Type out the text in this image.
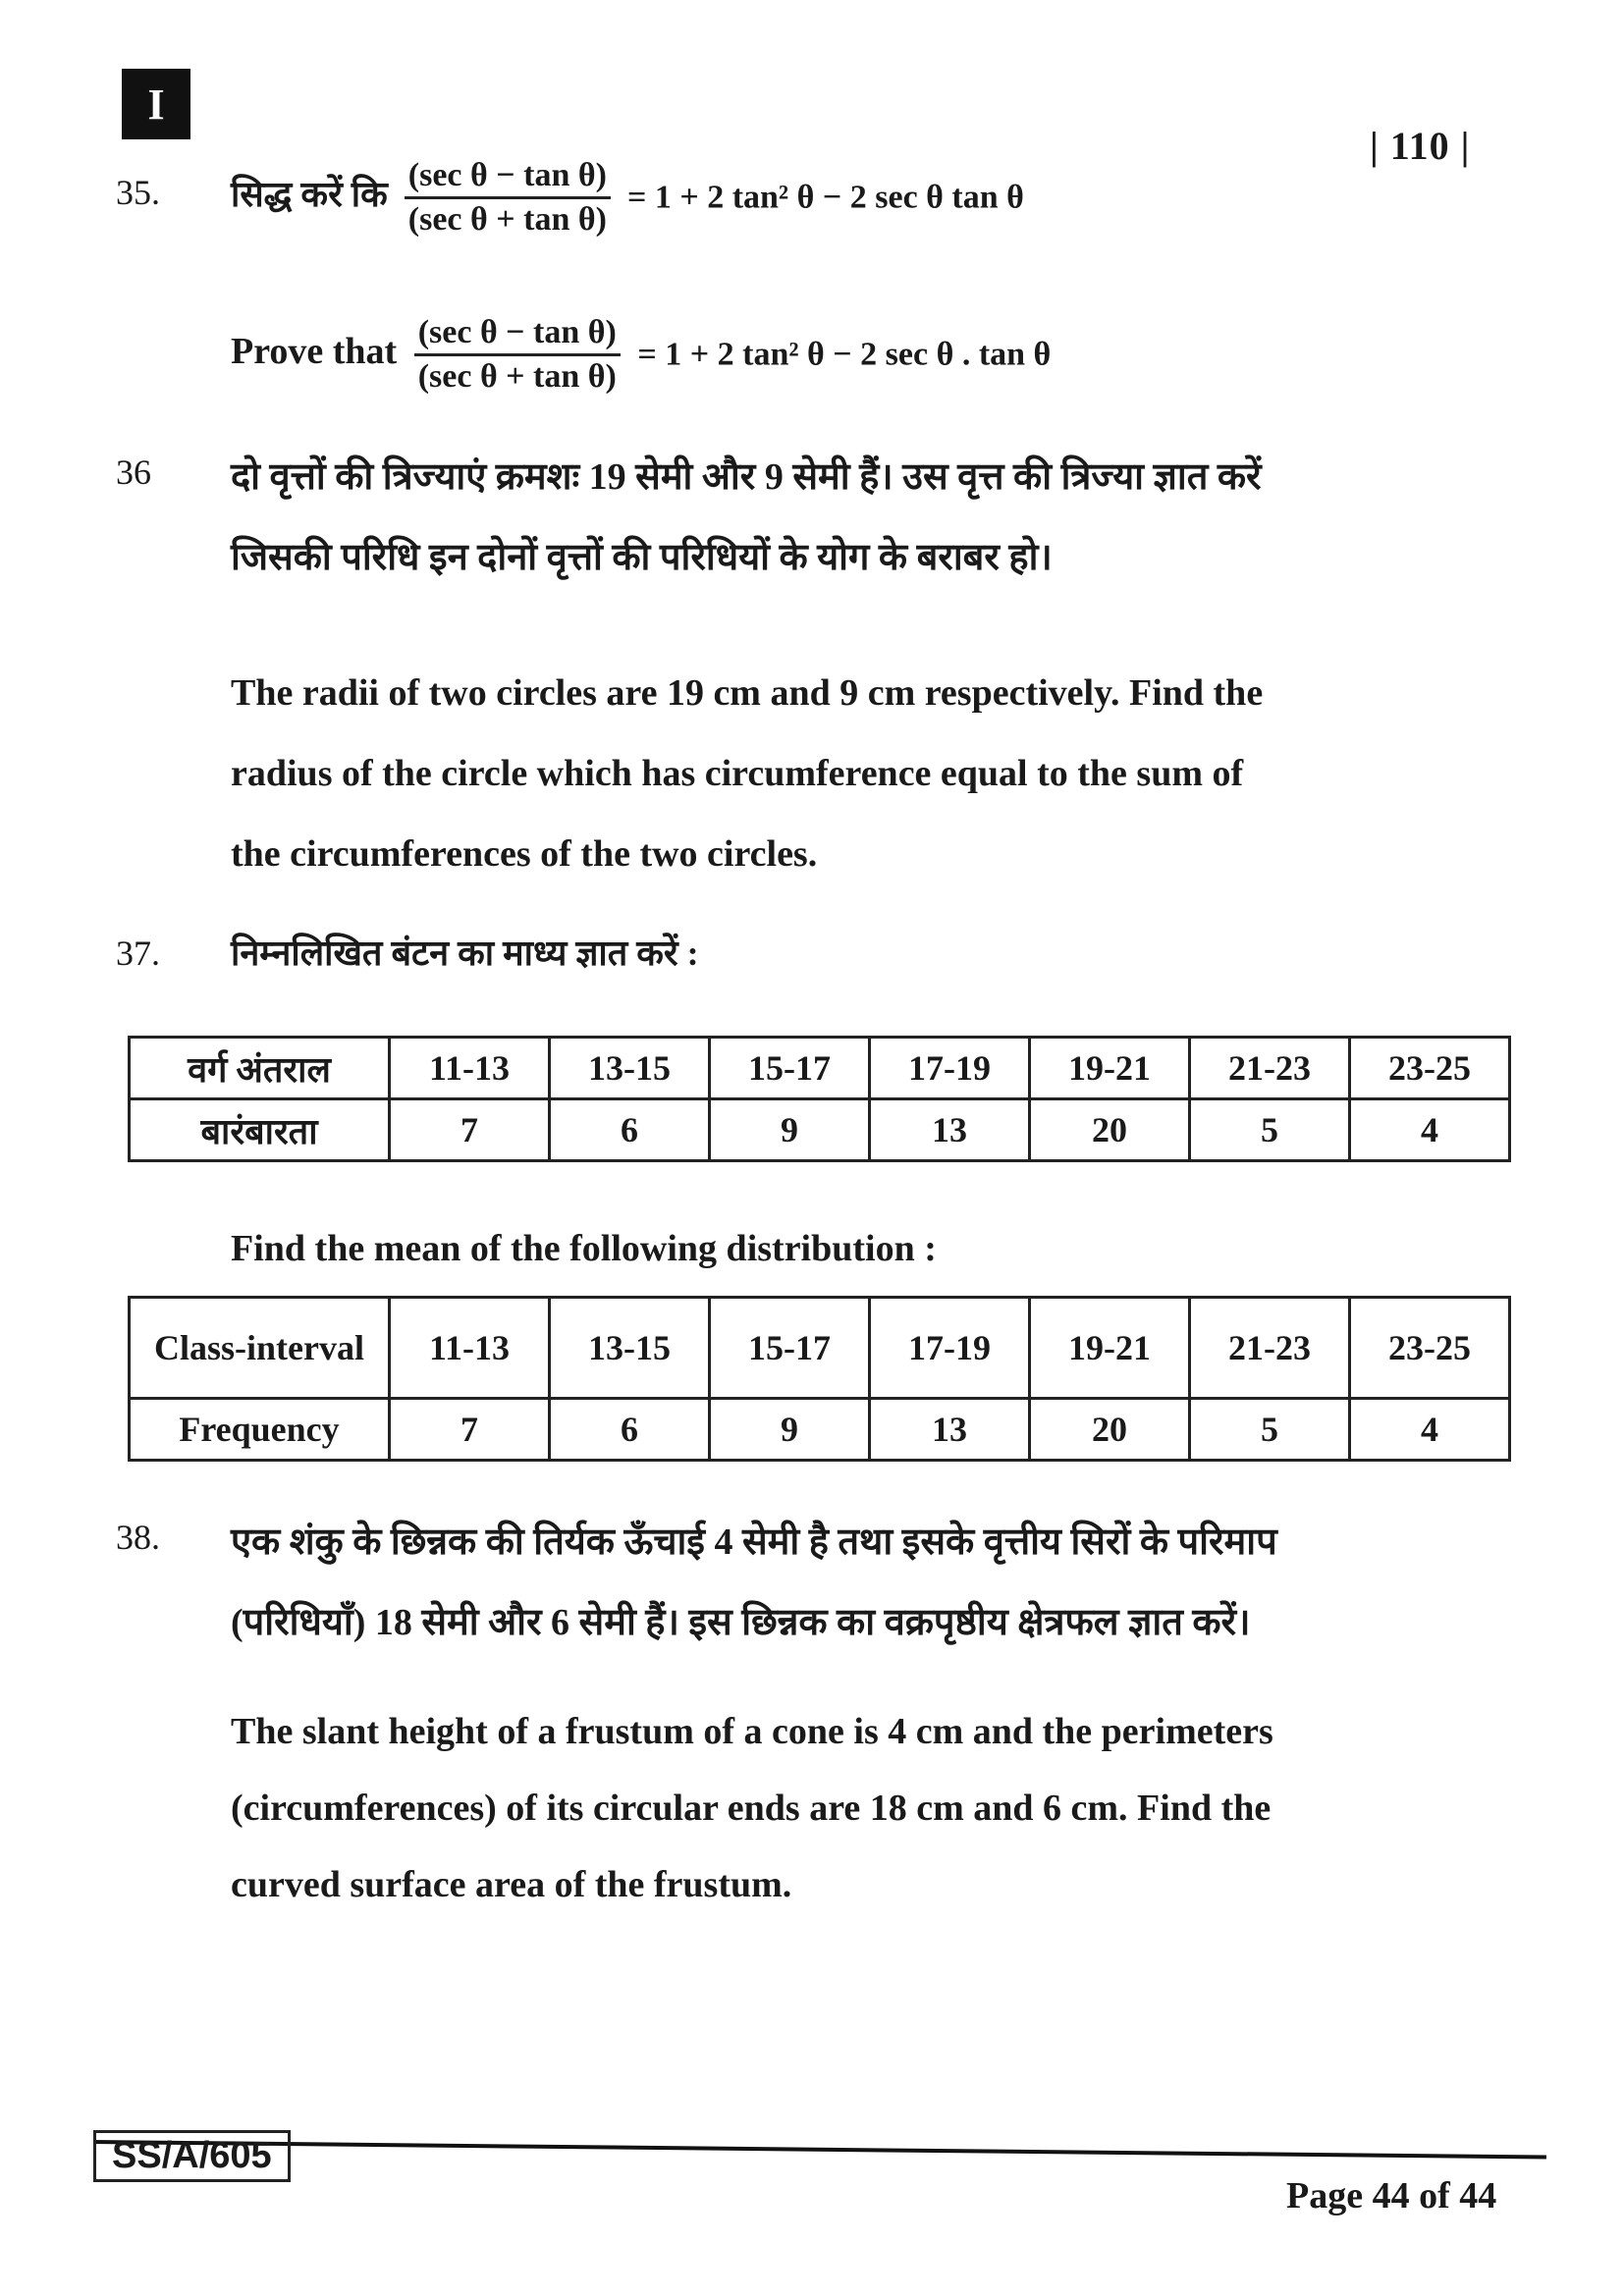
I
| 110 |
35. सिद्ध करें कि $\frac{\text{(sec θ − tan θ)}}{\text{(sec θ + tan θ)}} = 1 + 2$ tan² θ − 2 sec θ tan θ
Prove that $\frac{\text{(sec θ − tan θ)}}{\text{(sec θ + tan θ)}} = 1 + 2$ tan² θ − 2 sec θ . tan θ
36 दो वृत्तों की त्रिज्याएं क्रमशः 19 सेमी और 9 सेमी हैं। उस वृत्त की त्रिज्या ज्ञात करें
जिसकी परिधि इन दोनों वृत्तों की परिधियों के योग के बराबर हो।
The radii of two circles are 19 cm and 9 cm respectively. Find the
radius of the circle which has circumference equal to the sum of
the circumferences of the two circles.
37. निम्नलिखित बंटन का माध्य ज्ञात करें :
वर्ग अंतराल	11-13	13-15	15-17	17-19	19-21	21-23	23-25
बारंबारता	7	6	9	13	20	5	4
Find the mean of the following distribution :
Class-interval	11-13	13-15	15-17	17-19	19-21	21-23	23-25
Frequency	7	6	9	13	20	5	4
38. एक शंकु के छिन्नक की तिर्यक ऊँचाई 4 सेमी है तथा इसके वृत्तीय सिरों के परिमाप
(परिधियाँ) 18 सेमी और 6 सेमी हैं। इस छिन्नक का वक्रपृष्ठीय क्षेत्रफल ज्ञात करें।
The slant height of a frustum of a cone is 4 cm and the perimeters
(circumferences) of its circular ends are 18 cm and 6 cm. Find the
curved surface area of the frustum.
SS/A/605
Page 44 of 44
